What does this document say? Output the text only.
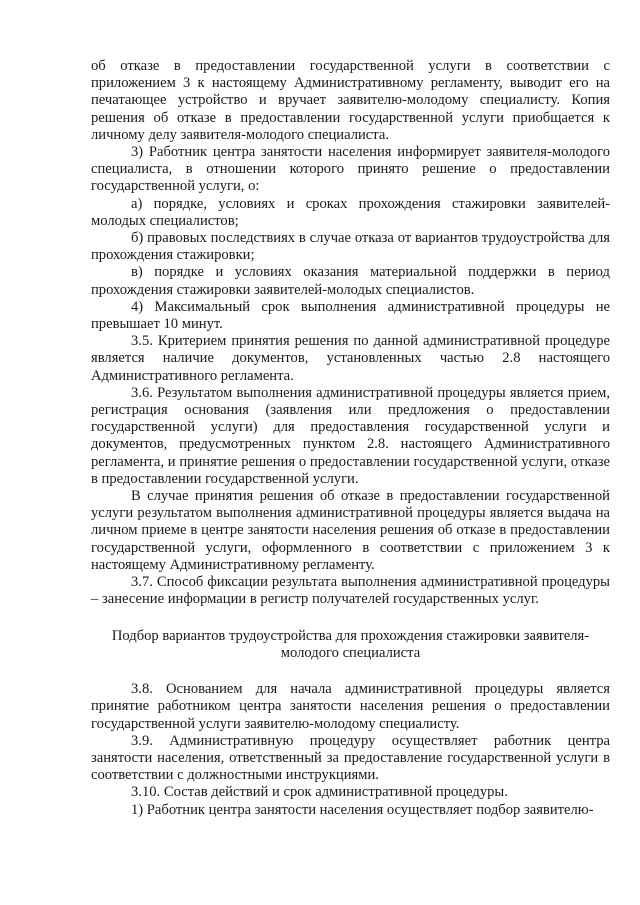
об отказе в предоставлении государственной услуги в соответствии с приложением 3 к настоящему Административному регламенту, выводит его на печатающее устройство и вручает заявителю-молодому специалисту. Копия решения об отказе в предоставлении государственной услуги приобщается к личному делу заявителя-молодого специалиста.

3) Работник центра занятости населения информирует заявителя-молодого специалиста, в отношении которого принято решение о предоставлении государственной услуги, о:

а) порядке, условиях и сроках прохождения стажировки заявителей-молодых специалистов;

б) правовых последствиях в случае отказа от вариантов трудоустройства для прохождения стажировки;

в) порядке и условиях оказания материальной поддержки в период прохождения стажировки заявителей-молодых специалистов.

4) Максимальный срок выполнения административной процедуры не превышает 10 минут.

3.5. Критерием принятия решения по данной административной процедуре является наличие документов, установленных частью 2.8 настоящего Административного регламента.

3.6. Результатом выполнения административной процедуры является прием, регистрация основания (заявления или предложения о предоставлении государственной услуги) для предоставления государственной услуги и документов, предусмотренных пунктом 2.8. настоящего Административного регламента, и принятие решения о предоставлении государственной услуги, отказе в предоставлении государственной услуги.

В случае принятия решения об отказе в предоставлении государственной услуги результатом выполнения административной процедуры является выдача на личном приеме в центре занятости населения решения об отказе в предоставлении государственной услуги, оформленного в соответствии с приложением 3 к настоящему Административному регламенту.

3.7. Способ фиксации результата выполнения административной процедуры – занесение информации в регистр получателей государственных услуг.

Подбор вариантов трудоустройства для прохождения стажировки заявителя-
молодого специалиста

3.8. Основанием для начала административной процедуры является принятие работником центра занятости населения решения о предоставлении государственной услуги заявителю-молодому специалисту.

3.9. Административную процедуру осуществляет работник центра занятости населения, ответственный за предоставление государственной услуги в соответствии с должностными инструкциями.

3.10. Состав действий и срок административной процедуры.

1) Работник центра занятости населения осуществляет подбор заявителю-
